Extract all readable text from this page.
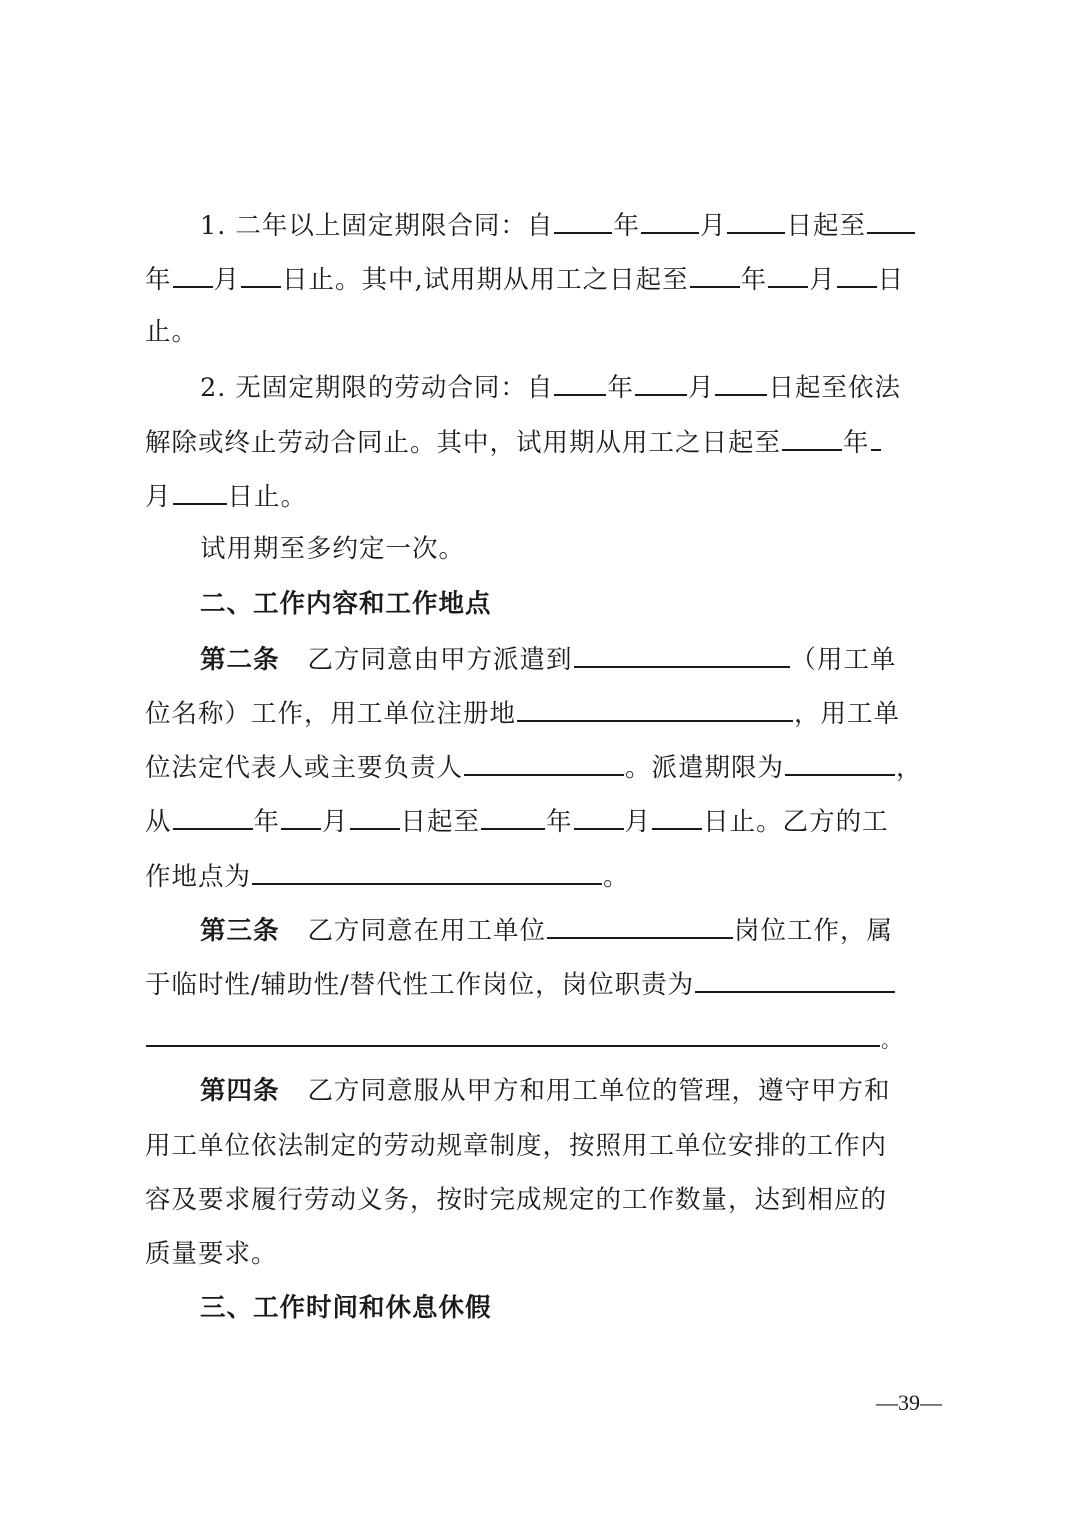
1. 二年以上固定期限合同：自 年 月 日起至
年 月 日止。其中,试用期从用工之日起至 年 月 日
止。
2. 无固定期限的劳动合同：自 年 月 日起至依法
解除或终止劳动合同止。其中，试用期从用工之日起至 年
月 日止。
试用期至多约定一次。
二、工作内容和工作地点
第二条 乙方同意由甲方派遣到	（用工单
位名称）工作，用工单位注册地	，用工单
位法定代表人或主要负责人	。派遣期限为	，
从	年 月 日起至	年 月 日止。乙方的工
作地点为	。
第三条 乙方同意在用工单位	岗位工作，属
于临时性/辅助性/替代性工作岗位，岗位职责为
。
第四条 乙方同意服从甲方和用工单位的管理，遵守甲方和
用工单位依法制定的劳动规章制度，按照用工单位安排的工作内
容及要求履行劳动义务，按时完成规定的工作数量，达到相应的
质量要求。
三、工作时间和休息休假
—39—
